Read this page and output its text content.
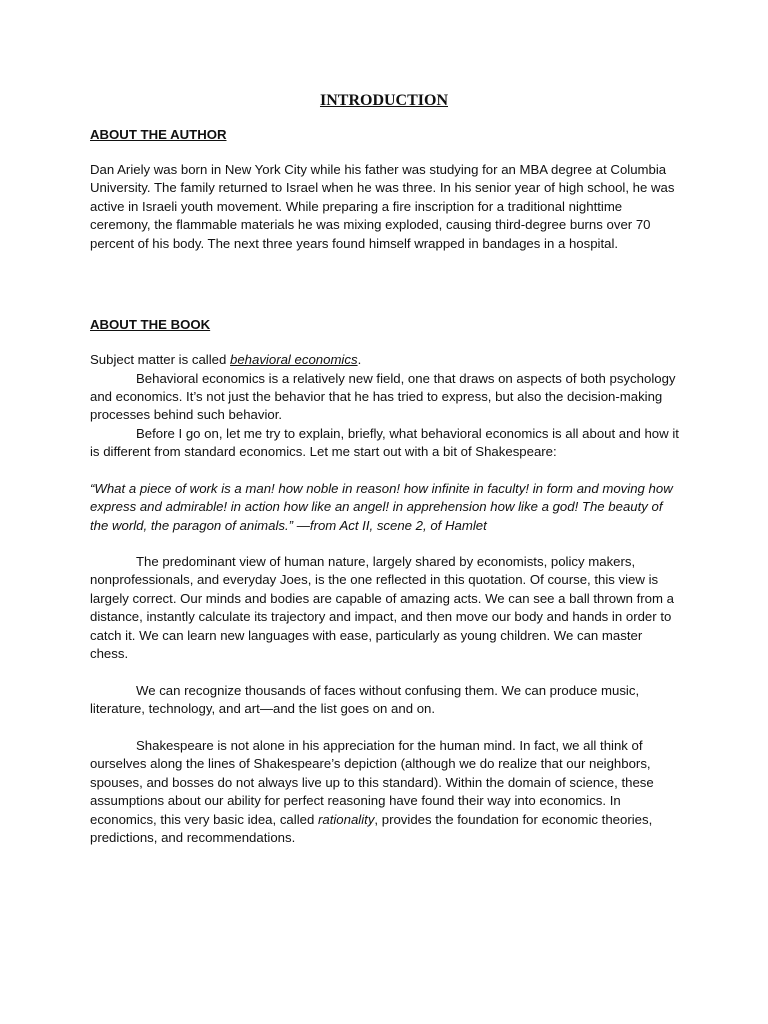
INTRODUCTION
ABOUT THE AUTHOR

Dan Ariely was born in New York City while his father was studying for an MBA degree at Columbia University. The family returned to Israel when he was three. In his senior year of high school, he was active in Israeli youth movement. While preparing a fire inscription for a traditional nighttime ceremony, the flammable materials he was mixing exploded, causing third-degree burns over 70 percent of his body. The next three years found himself wrapped in bandages in a hospital.

ABOUT THE BOOK

Subject matter is called behavioral economics.

Behavioral economics is a relatively new field, one that draws on aspects of both psychology and economics. It’s not just the behavior that he has tried to express, but also the decision-making processes behind such behavior.

Before I go on, let me try to explain, briefly, what behavioral economics is all about and how it is different from standard economics. Let me start out with a bit of Shakespeare:

“What a piece of work is a man! how noble in reason! how infinite in faculty! in form and moving how express and admirable! in action how like an angel! in apprehension how like a god! The beauty of the world, the paragon of animals.” —from Act II, scene 2, of Hamlet

The predominant view of human nature, largely shared by economists, policy makers, nonprofessionals, and everyday Joes, is the one reflected in this quotation. Of course, this view is largely correct. Our minds and bodies are capable of amazing acts. We can see a ball thrown from a distance, instantly calculate its trajectory and impact, and then move our body and hands in order to catch it. We can learn new languages with ease, particularly as young children. We can master chess.

We can recognize thousands of faces without confusing them. We can produce music, literature, technology, and art—and the list goes on and on.

Shakespeare is not alone in his appreciation for the human mind. In fact, we all think of ourselves along the lines of Shakespeare’s depiction (although we do realize that our neighbors, spouses, and bosses do not always live up to this standard). Within the domain of science, these assumptions about our ability for perfect reasoning have found their way into economics. In economics, this very basic idea, called rationality, provides the foundation for economic theories, predictions, and recommendations.
